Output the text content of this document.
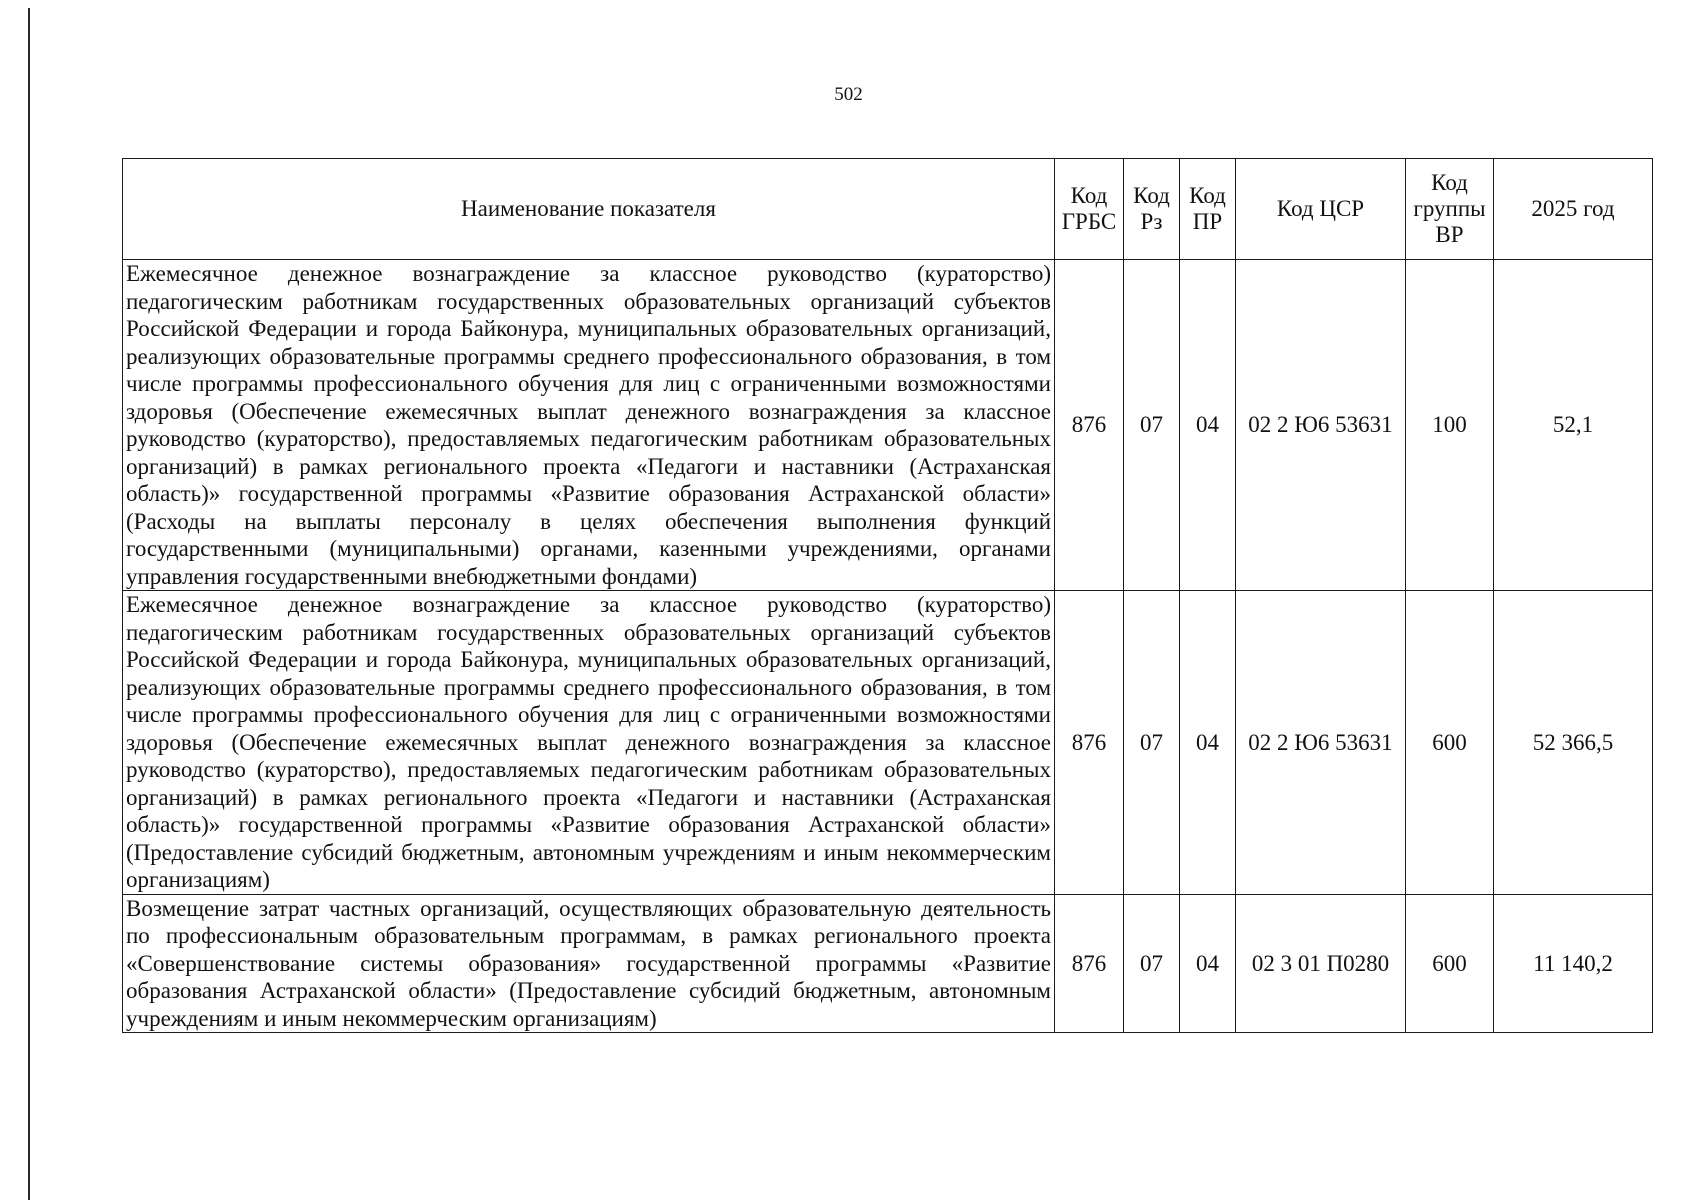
502
Наименование показателя	Код ГРБС	Код Рз	Код ПР	Код ЦСР	Код группы ВР	2025 год
Ежемесячное денежное вознаграждение за классное руководство (кураторство) педагогическим работникам государственных образовательных организаций субъектов Российской Федерации и города Байконура, муниципальных образовательных организаций, реализующих образовательные программы среднего профессионального образования, в том числе программы профессионального обучения для лиц с ограниченными возможностями здоровья (Обеспечение ежемесячных выплат денежного вознаграждения за классное руководство (кураторство), предоставляемых педагогическим работникам образовательных организаций) в рамках регионального проекта «Педагоги и наставники (Астраханская область)» государственной программы «Развитие образования Астраханской области» (Расходы на выплаты персоналу в целях обеспечения выполнения функций государственными (муниципальными) органами, казенными учреждениями, органами управления государственными внебюджетными фондами)	876	07	04	02 2 Ю6 53631	100	52,1
Ежемесячное денежное вознаграждение за классное руководство (кураторство) педагогическим работникам государственных образовательных организаций субъектов Российской Федерации и города Байконура, муниципальных образовательных организаций, реализующих образовательные программы среднего профессионального образования, в том числе программы профессионального обучения для лиц с ограниченными возможностями здоровья (Обеспечение ежемесячных выплат денежного вознаграждения за классное руководство (кураторство), предоставляемых педагогическим работникам образовательных организаций) в рамках регионального проекта «Педагоги и наставники (Астраханская область)» государственной программы «Развитие образования Астраханской области» (Предоставление субсидий бюджетным, автономным учреждениям и иным некоммерческим организациям)	876	07	04	02 2 Ю6 53631	600	52 366,5
Возмещение затрат частных организаций, осуществляющих образовательную деятельность по профессиональным образовательным программам, в рамках регионального проекта «Совершенствование системы образования» государственной программы «Развитие образования Астраханской области» (Предоставление субсидий бюджетным, автономным учреждениям и иным некоммерческим организациям)	876	07	04	02 3 01 П0280	600	11 140,2
